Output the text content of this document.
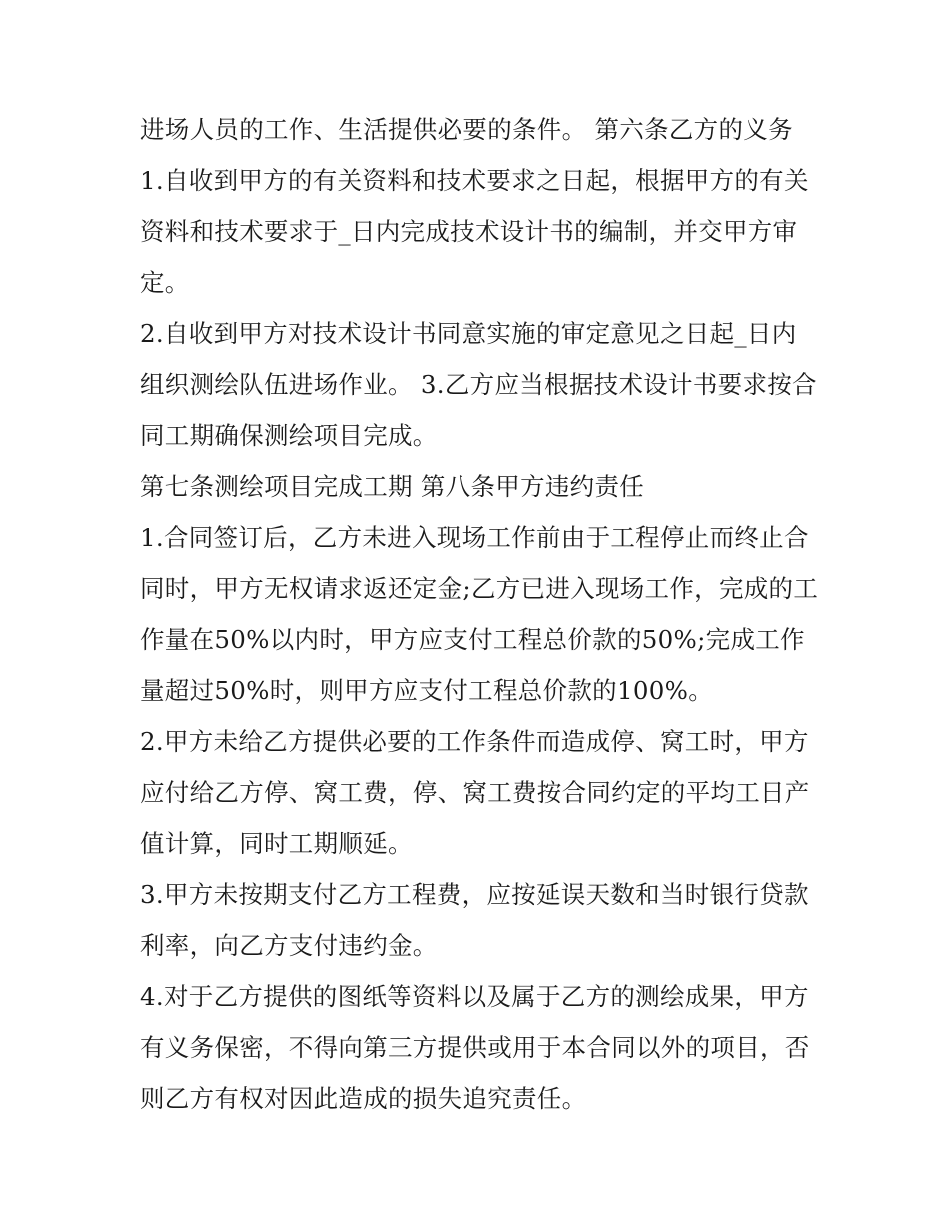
进场人员的工作、生活提供必要的条件。 第六条乙方的义务

1.自收到甲方的有关资料和技术要求之日起，根据甲方的有关资料和技术要求于_日内完成技术设计书的编制，并交甲方审定。

2.自收到甲方对技术设计书同意实施的审定意见之日起_日内组织测绘队伍进场作业。 3.乙方应当根据技术设计书要求按合同工期确保测绘项目完成。

第七条测绘项目完成工期 第八条甲方违约责任

1.合同签订后，乙方未进入现场工作前由于工程停止而终止合同时，甲方无权请求返还定金;乙方已进入现场工作，完成的工作量在50%以内时，甲方应支付工程总价款的50%;完成工作量超过50%时，则甲方应支付工程总价款的100%。

2.甲方未给乙方提供必要的工作条件而造成停、窝工时，甲方应付给乙方停、窝工费，停、窝工费按合同约定的平均工日产值计算，同时工期顺延。

3.甲方未按期支付乙方工程费，应按延误天数和当时银行贷款利率，向乙方支付违约金。

4.对于乙方提供的图纸等资料以及属于乙方的测绘成果，甲方有义务保密，不得向第三方提供或用于本合同以外的项目，否则乙方有权对因此造成的损失追究责任。
